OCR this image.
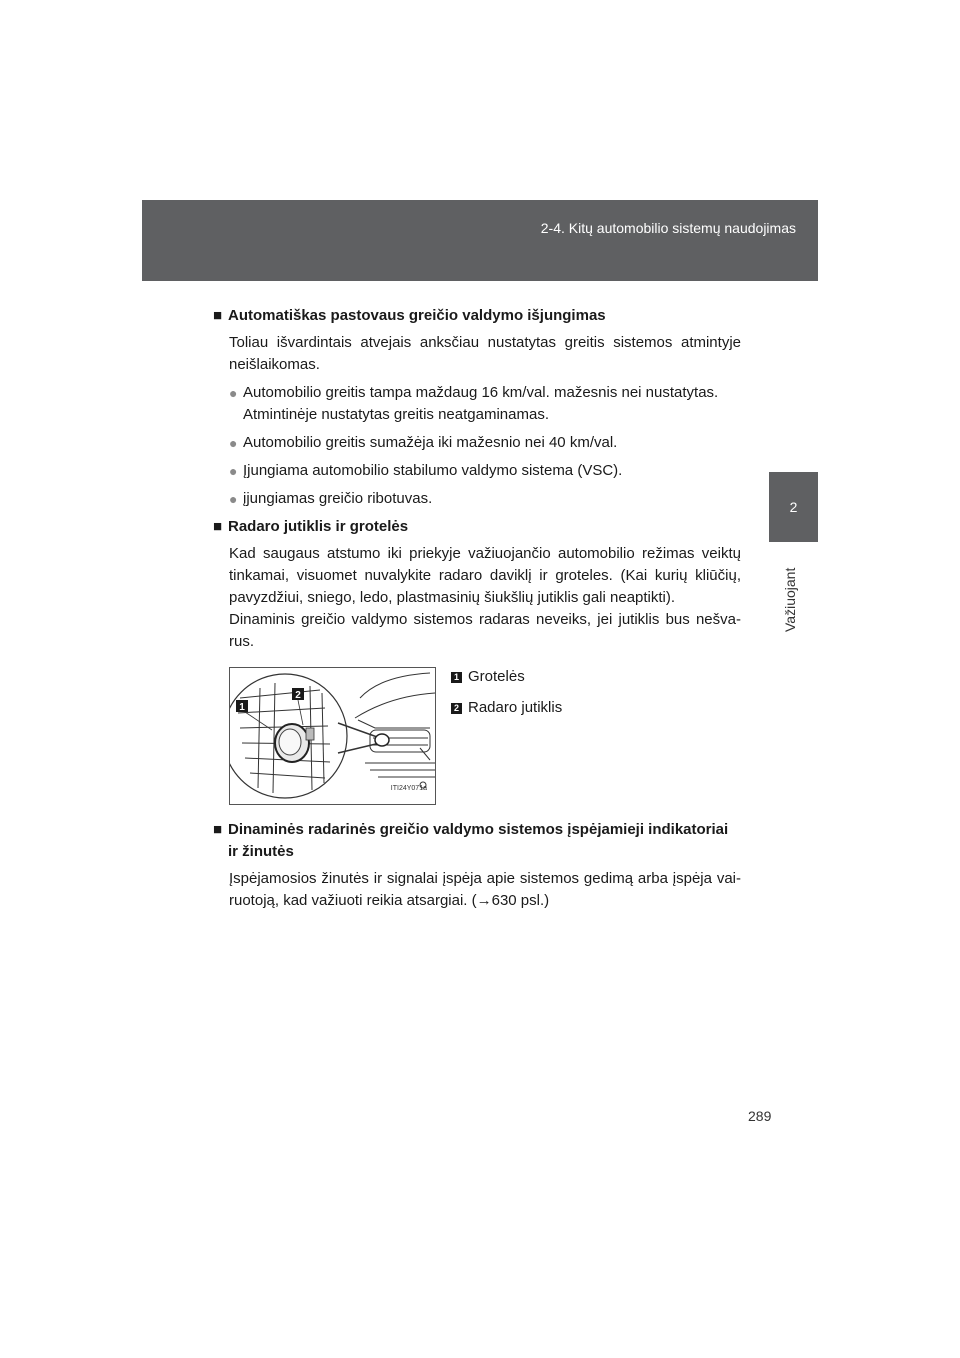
2-4. Kitų automobilio sistemų naudojimas
2
Važiuojant
■ Automatiškas pastovaus greičio valdymo išjungimas
Toliau išvardintais atvejais anksčiau nustatytas greitis sistemos atmintyje neišlaikomas.
● Automobilio greitis tampa maždaug 16 km/val. mažesnis nei nustatytas. Atmintinėje nustatytas greitis neatgaminamas.
● Automobilio greitis sumažėja iki mažesnio nei 40 km/val.
● Įjungiama automobilio stabilumo valdymo sistema (VSC).
● įjungiamas greičio ribotuvas.
■ Radaro jutiklis ir grotelės
Kad saugaus atstumo iki priekyje važiuojančio automobilio režimas veiktų tinkamai, visuomet nuvalykite radaro daviklį ir groteles. (Kai kurių kliūčių, pavyzdžiui, sniego, ledo, plastmasinių šiukšlių jutiklis gali neaptikti).
Dinaminis greičio valdymo sistemos radaras neveiks, jei jutiklis bus nešva-rus.
1
2
ITI24Y071a
1 Grotelės
2 Radaro jutiklis
■ Dinaminės radarinės greičio valdymo sistemos įspėjamieji indikatoriai ir žinutės
Įspėjamosios žinutės ir signalai įspėja apie sistemos gedimą arba įspėja vai-ruotoją, kad važiuoti reikia atsargiai. (→630 psl.)
289
